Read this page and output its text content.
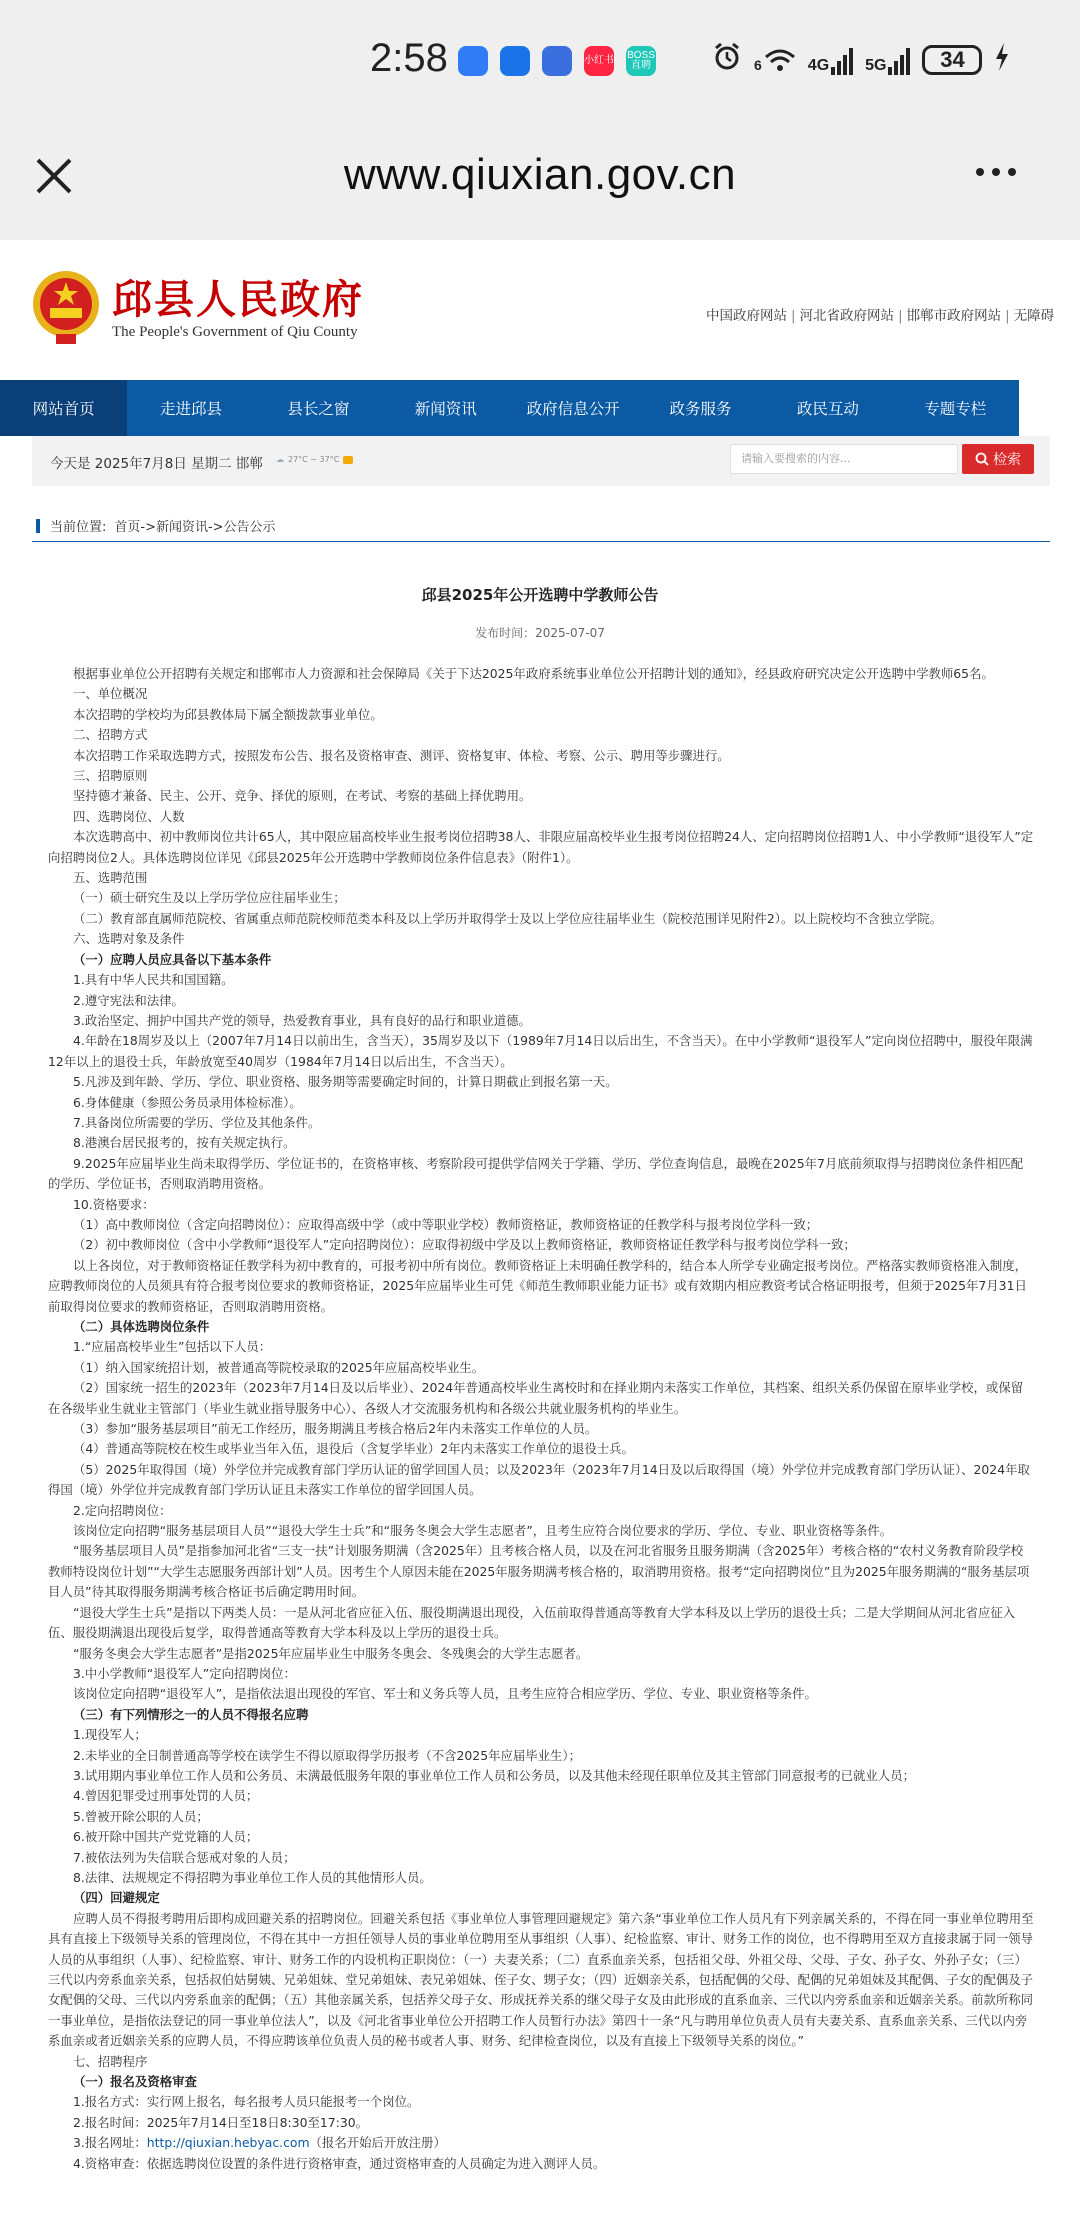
2:58	小红书 BOSS直聘	6	4G 5G 34
www.qiuxian.gov.cn
邱县人民政府
The People's Government of Qiu County
中国政府网站 | 河北省政府网站 | 邯郸市政府网站 | 无障碍
网站首页	走进邱县	县长之窗	新闻资讯	政府信息公开	政务服务	政民互动	专题专栏
今天是 2025年7月8日 星期二 邯郸 ☁ 27°C ~ 37°C	请输入要搜索的内容...	检索
当前位置: 首页->新闻资讯->公告公示
邱县2025年公开选聘中学教师公告
发布时间：2025-07-07

根据事业单位公开招聘有关规定和邯郸市人力资源和社会保障局《关于下达2025年政府系统事业单位公开招聘计划的通知》，经县政府研究决定公开选聘中学教师65名。

一、单位概况

本次招聘的学校均为邱县教体局下属全额拨款事业单位。

二、招聘方式

本次招聘工作采取选聘方式，按照发布公告、报名及资格审查、测评、资格复审、体检、考察、公示、聘用等步骤进行。

三、招聘原则

坚持德才兼备、民主、公开、竞争、择优的原则，在考试、考察的基础上择优聘用。

四、选聘岗位、人数

本次选聘高中、初中教师岗位共计65人，其中限应届高校毕业生报考岗位招聘38人、非限应届高校毕业生报考岗位招聘24人、定向招聘岗位招聘1人、中小学教师“退役军人”定向招聘岗位2人。具体选聘岗位详见《邱县2025年公开选聘中学教师岗位条件信息表》（附件1）。

五、选聘范围

（一）硕士研究生及以上学历学位应往届毕业生；

（二）教育部直属师范院校、省属重点师范院校师范类本科及以上学历并取得学士及以上学位应往届毕业生（院校范围详见附件2）。以上院校均不含独立学院。

六、选聘对象及条件

（一）应聘人员应具备以下基本条件

1.具有中华人民共和国国籍。

2.遵守宪法和法律。

3.政治坚定、拥护中国共产党的领导，热爱教育事业，具有良好的品行和职业道德。

4.年龄在18周岁及以上（2007年7月14日以前出生，含当天），35周岁及以下（1989年7月14日以后出生，不含当天）。在中小学教师“退役军人”定向岗位招聘中，服役年限满12年以上的退役士兵，年龄放宽至40周岁（1984年7月14日以后出生，不含当天）。

5.凡涉及到年龄、学历、学位、职业资格、服务期等需要确定时间的，计算日期截止到报名第一天。

6.身体健康（参照公务员录用体检标准）。

7.具备岗位所需要的学历、学位及其他条件。

8.港澳台居民报考的，按有关规定执行。

9.2025年应届毕业生尚未取得学历、学位证书的，在资格审核、考察阶段可提供学信网关于学籍、学历、学位查询信息，最晚在2025年7月底前须取得与招聘岗位条件相匹配的学历、学位证书，否则取消聘用资格。

10.资格要求：

（1）高中教师岗位（含定向招聘岗位）：应取得高级中学（或中等职业学校）教师资格证，教师资格证的任教学科与报考岗位学科一致；

（2）初中教师岗位（含中小学教师“退役军人”定向招聘岗位）：应取得初级中学及以上教师资格证，教师资格证任教学科与报考岗位学科一致；

以上各岗位，对于教师资格证任教学科为初中教育的，可报考初中所有岗位。教师资格证上未明确任教学科的，结合本人所学专业确定报考岗位。严格落实教师资格准入制度，应聘教师岗位的人员须具有符合报考岗位要求的教师资格证，2025年应届毕业生可凭《师范生教师职业能力证书》或有效期内相应教资考试合格证明报考，但须于2025年7月31日前取得岗位要求的教师资格证，否则取消聘用资格。

（二）具体选聘岗位条件

1.“应届高校毕业生”包括以下人员：

（1）纳入国家统招计划，被普通高等院校录取的2025年应届高校毕业生。

（2）国家统一招生的2023年（2023年7月14日及以后毕业）、2024年普通高校毕业生离校时和在择业期内未落实工作单位，其档案、组织关系仍保留在原毕业学校，或保留在各级毕业生就业主管部门（毕业生就业指导服务中心）、各级人才交流服务机构和各级公共就业服务机构的毕业生。

（3）参加“服务基层项目”前无工作经历，服务期满且考核合格后2年内未落实工作单位的人员。

（4）普通高等院校在校生或毕业当年入伍，退役后（含复学毕业）2年内未落实工作单位的退役士兵。

（5）2025年取得国（境）外学位并完成教育部门学历认证的留学回国人员；以及2023年（2023年7月14日及以后取得国（境）外学位并完成教育部门学历认证）、2024年取得国（境）外学位并完成教育部门学历认证且未落实工作单位的留学回国人员。

2.定向招聘岗位：

该岗位定向招聘“服务基层项目人员”“退役大学生士兵”和“服务冬奥会大学生志愿者”，且考生应符合岗位要求的学历、学位、专业、职业资格等条件。

“服务基层项目人员”是指参加河北省“三支一扶”计划服务期满（含2025年）且考核合格人员，以及在河北省服务且服务期满（含2025年）考核合格的“农村义务教育阶段学校教师特设岗位计划”“大学生志愿服务西部计划”人员。因考生个人原因未能在2025年服务期满考核合格的，取消聘用资格。报考“定向招聘岗位”且为2025年服务期满的“服务基层项目人员”待其取得服务期满考核合格证书后确定聘用时间。

“退役大学生士兵”是指以下两类人员：一是从河北省应征入伍、服役期满退出现役，入伍前取得普通高等教育大学本科及以上学历的退役士兵；二是大学期间从河北省应征入伍、服役期满退出现役后复学，取得普通高等教育大学本科及以上学历的退役士兵。

“服务冬奥会大学生志愿者”是指2025年应届毕业生中服务冬奥会、冬残奥会的大学生志愿者。

3.中小学教师“退役军人”定向招聘岗位：

该岗位定向招聘“退役军人”，是指依法退出现役的军官、军士和义务兵等人员，且考生应符合相应学历、学位、专业、职业资格等条件。

（三）有下列情形之一的人员不得报名应聘

1.现役军人；

2.未毕业的全日制普通高等学校在读学生不得以原取得学历报考（不含2025年应届毕业生）；

3.试用期内事业单位工作人员和公务员、未满最低服务年限的事业单位工作人员和公务员，以及其他未经现任职单位及其主管部门同意报考的已就业人员；

4.曾因犯罪受过刑事处罚的人员；

5.曾被开除公职的人员；

6.被开除中国共产党党籍的人员；

7.被依法列为失信联合惩戒对象的人员；

8.法律、法规规定不得招聘为事业单位工作人员的其他情形人员。

（四）回避规定

应聘人员不得报考聘用后即构成回避关系的招聘岗位。回避关系包括《事业单位人事管理回避规定》第六条“事业单位工作人员凡有下列亲属关系的，不得在同一事业单位聘用至具有直接上下级领导关系的管理岗位，不得在其中一方担任领导人员的事业单位聘用至从事组织（人事）、纪检监察、审计、财务工作的岗位，也不得聘用至双方直接隶属于同一领导人员的从事组织（人事）、纪检监察、审计、财务工作的内设机构正职岗位：（一）夫妻关系；（二）直系血亲关系，包括祖父母、外祖父母、父母、子女、孙子女、外孙子女；（三）三代以内旁系血亲关系，包括叔伯姑舅姨、兄弟姐妹、堂兄弟姐妹、表兄弟姐妹、侄子女、甥子女；（四）近姻亲关系，包括配偶的父母、配偶的兄弟姐妹及其配偶、子女的配偶及子女配偶的父母、三代以内旁系血亲的配偶；（五）其他亲属关系，包括养父母子女、形成抚养关系的继父母子女及由此形成的直系血亲、三代以内旁系血亲和近姻亲关系。前款所称同一事业单位，是指依法登记的同一事业单位法人”，以及《河北省事业单位公开招聘工作人员暂行办法》第四十一条“凡与聘用单位负责人员有夫妻关系、直系血亲关系、三代以内旁系血亲或者近姻亲关系的应聘人员，不得应聘该单位负责人员的秘书或者人事、财务、纪律检查岗位，以及有直接上下级领导关系的岗位。”

七、招聘程序

（一）报名及资格审查

1.报名方式：实行网上报名，每名报考人员只能报考一个岗位。

2.报名时间：2025年7月14日至18日8:30至17:30。

3.报名网址：http://qiuxian.hebyac.com（报名开始后开放注册）

4.资格审查：依据选聘岗位设置的条件进行资格审查，通过资格审查的人员确定为进入测评人员。
